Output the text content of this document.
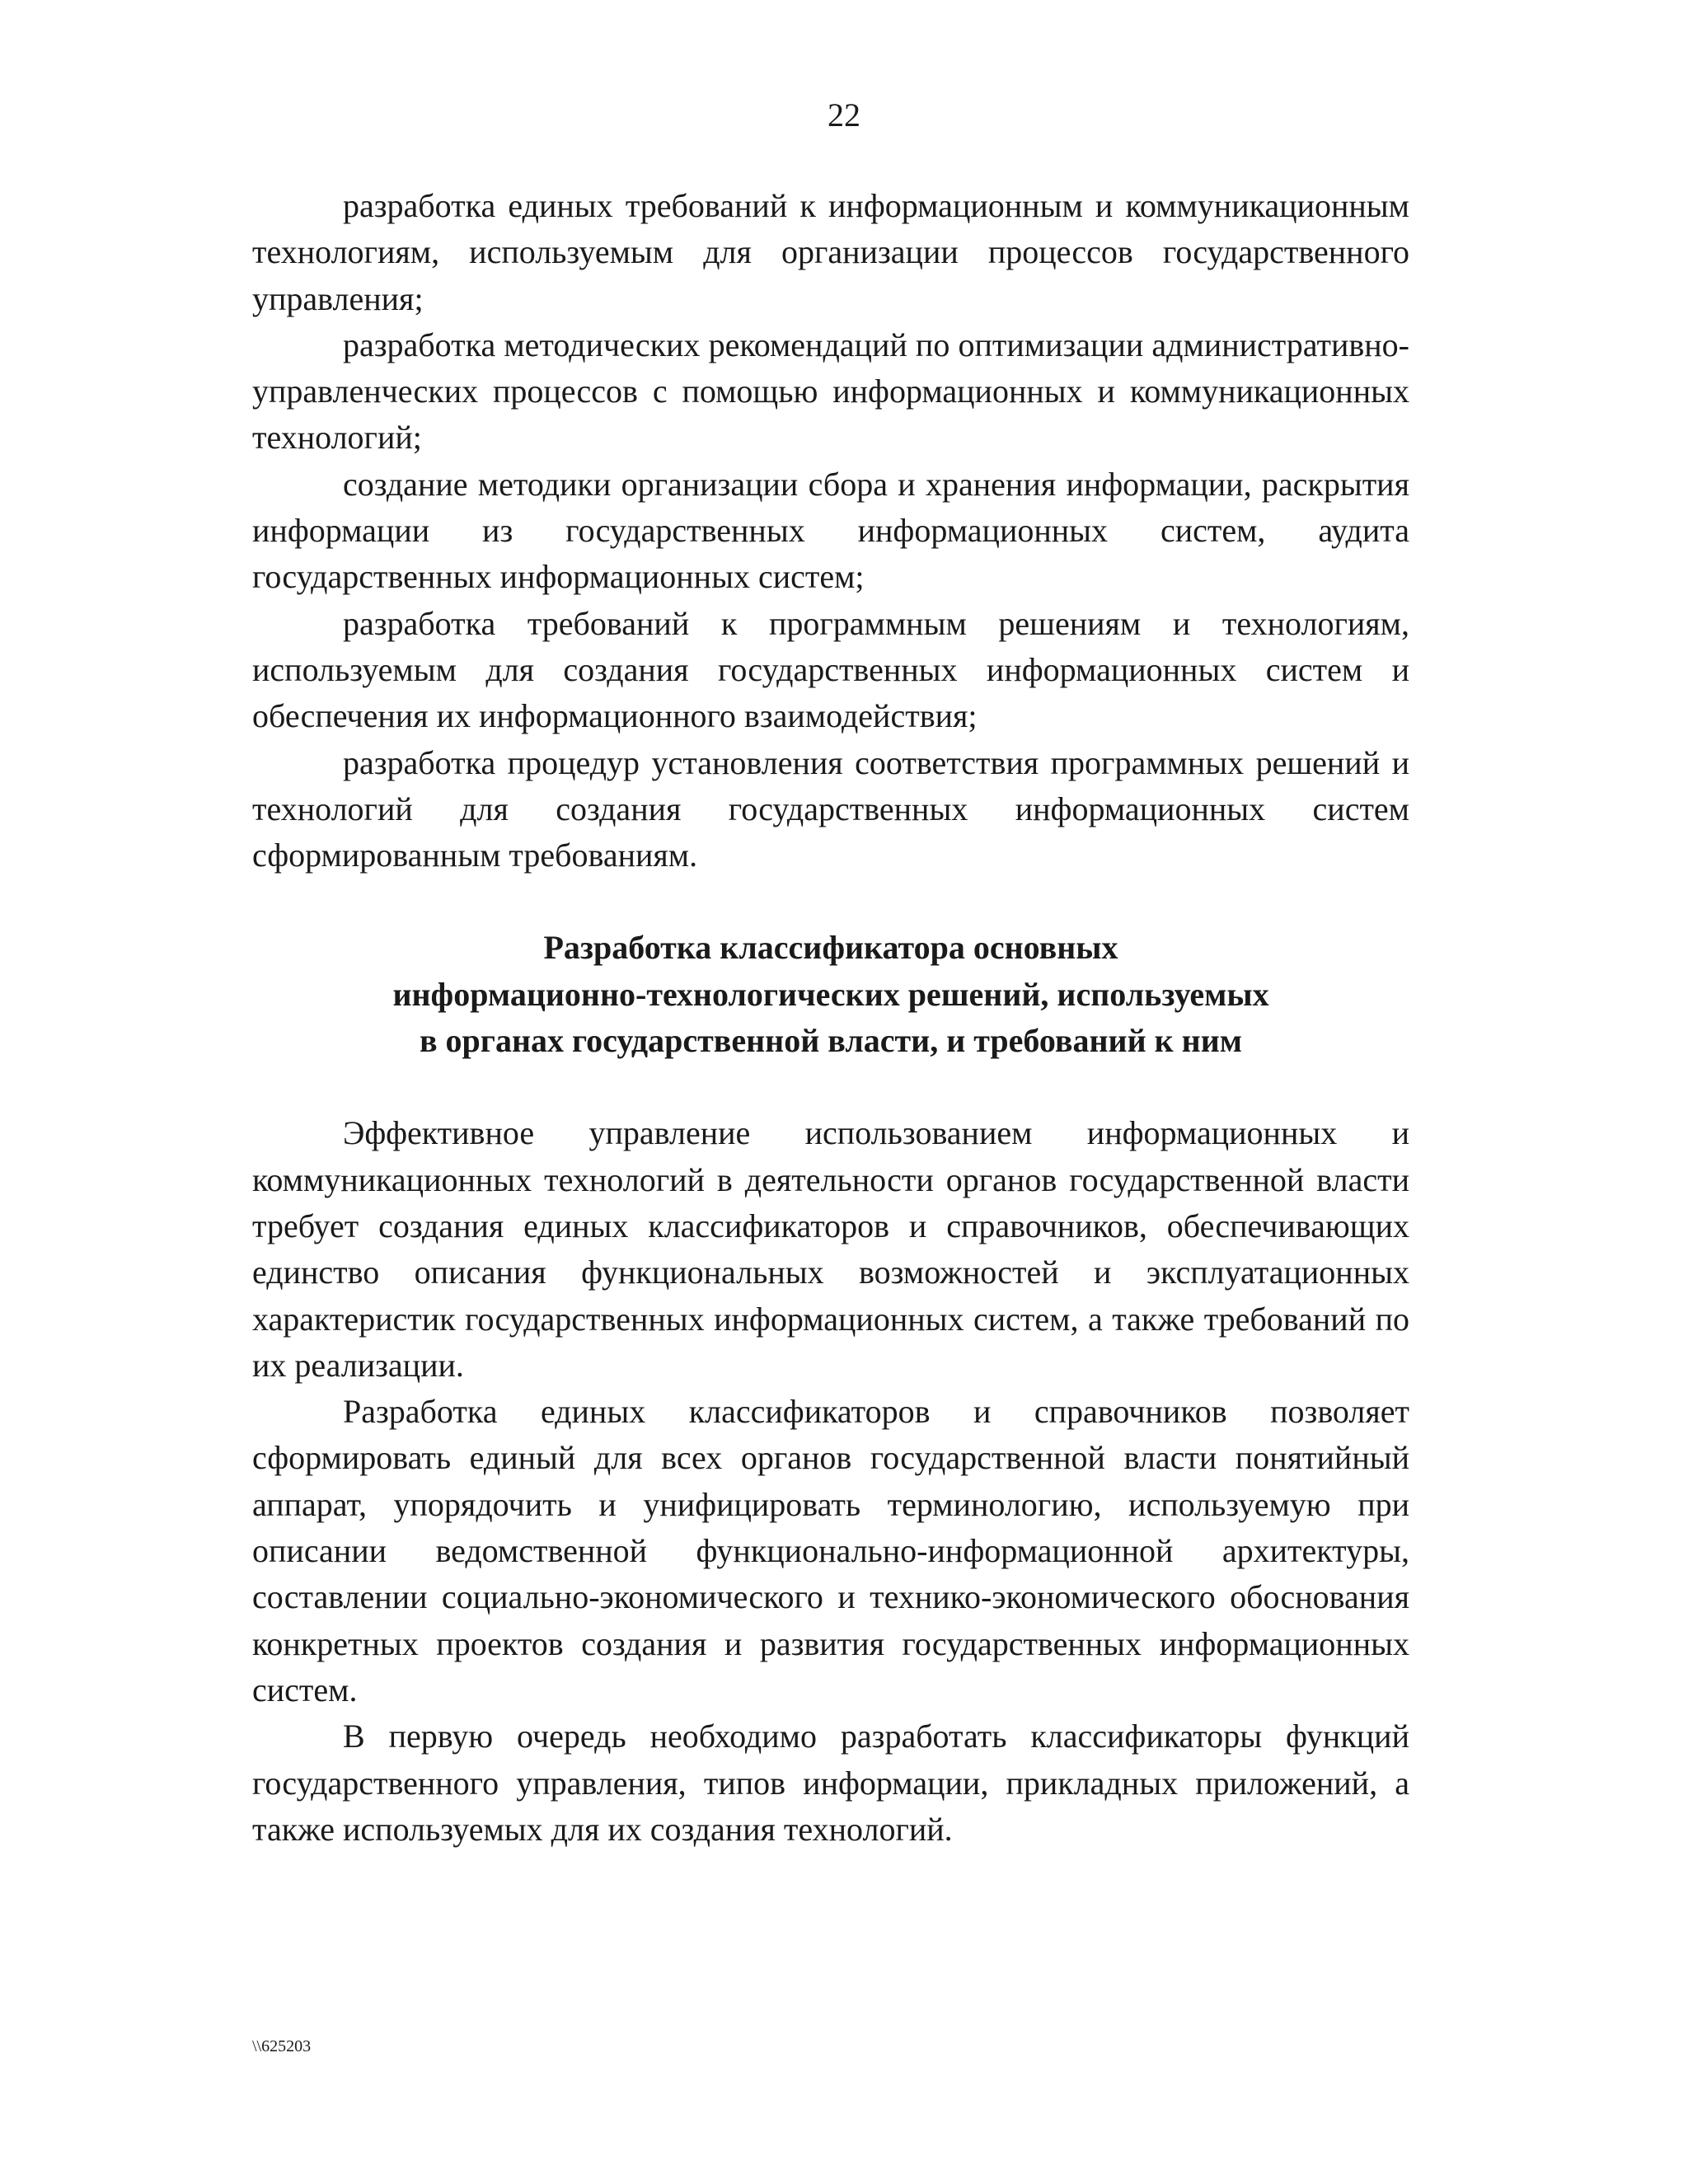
22

разработка единых требований к информационным и коммуникационным технологиям, используемым для организации процессов государственного управления;

разработка методических рекомендаций по оптимизации административно-управленческих процессов с помощью информационных и коммуникационных технологий;

создание методики организации сбора и хранения информации, раскрытия информации из государственных информационных систем, аудита государственных информационных систем;

разработка требований к программным решениям и технологиям, используемым для создания государственных информационных систем и обеспечения их информационного взаимодействия;

разработка процедур установления соответствия программных решений и технологий для создания государственных информационных систем сформированным требованиям.

Разработка классификатора основных
информационно-технологических решений, используемых
в органах государственной власти, и требований к ним

Эффективное управление использованием информационных и коммуникационных технологий в деятельности органов государственной власти требует создания единых классификаторов и справочников, обеспечивающих единство описания функциональных возможностей и эксплуатационных характеристик государственных информационных систем, а также требований по их реализации.

Разработка единых классификаторов и справочников позволяет сформировать единый для всех органов государственной власти понятийный аппарат, упорядочить и унифицировать терминологию, используемую при описании ведомственной функционально-информационной архитектуры, составлении социально-экономического и технико-экономического обоснования конкретных проектов создания и развития государственных информационных систем.

В первую очередь необходимо разработать классификаторы функций государственного управления, типов информации, прикладных приложений, а также используемых для их создания технологий.

\\625203
